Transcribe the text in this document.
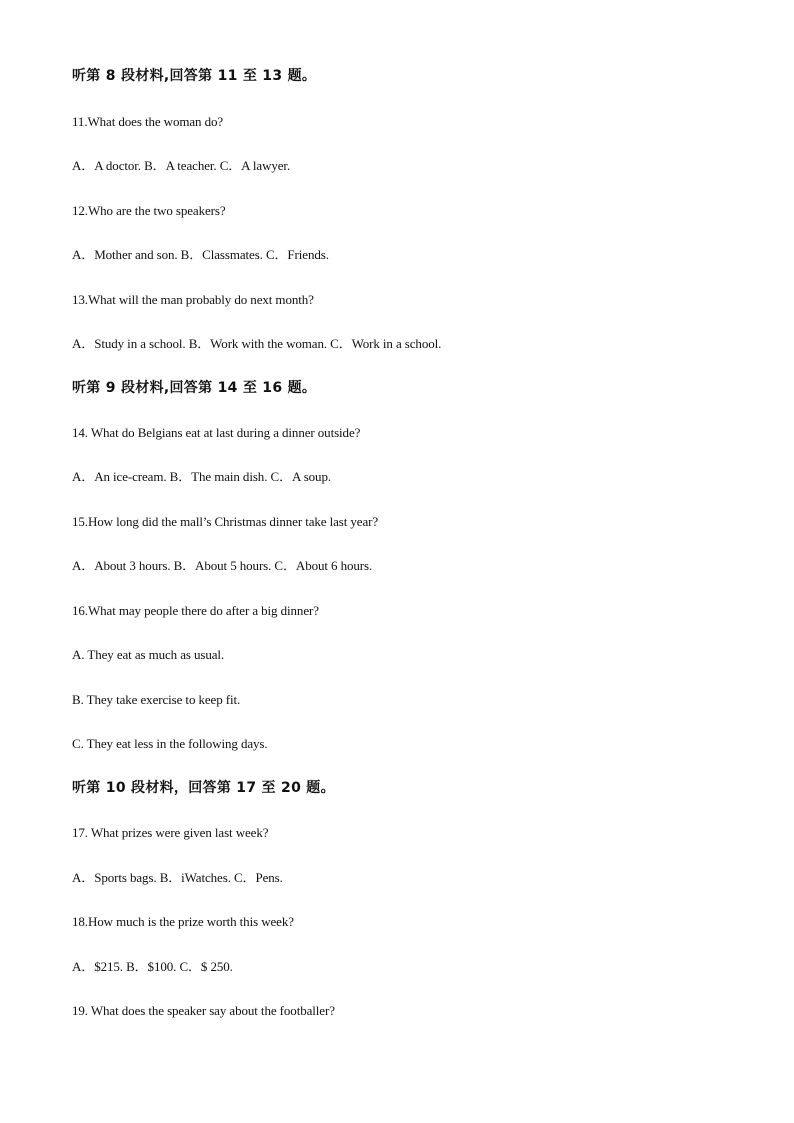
听第 8 段材料,回答第 11 至 13 题。
11.What does the woman do?
A．A doctor. B．A teacher. C．A lawyer.
12.Who are the two speakers?
A．Mother and son. B．Classmates. C．Friends.
13.What will the man probably do next month?
A．Study in a school. B．Work with the woman. C．Work in a school.
听第 9 段材料,回答第 14 至 16 题。
14. What do Belgians eat at last during a dinner outside?
A．An ice-cream. B．The main dish. C．A soup.
15.How long did the mall’s Christmas dinner take last year?
A．About 3 hours. B．About 5 hours. C．About 6 hours.
16.What may people there do after a big dinner?
A. They eat as much as usual.
B. They take exercise to keep fit.
C. They eat less in the following days.
听第 10 段材料，回答第 17 至 20 题。
17. What prizes were given last week?
A．Sports bags. B．iWatches. C．Pens.
18.How much is the prize worth this week?
A．$215. B．$100. C．$ 250.
19. What does the speaker say about the footballer?
